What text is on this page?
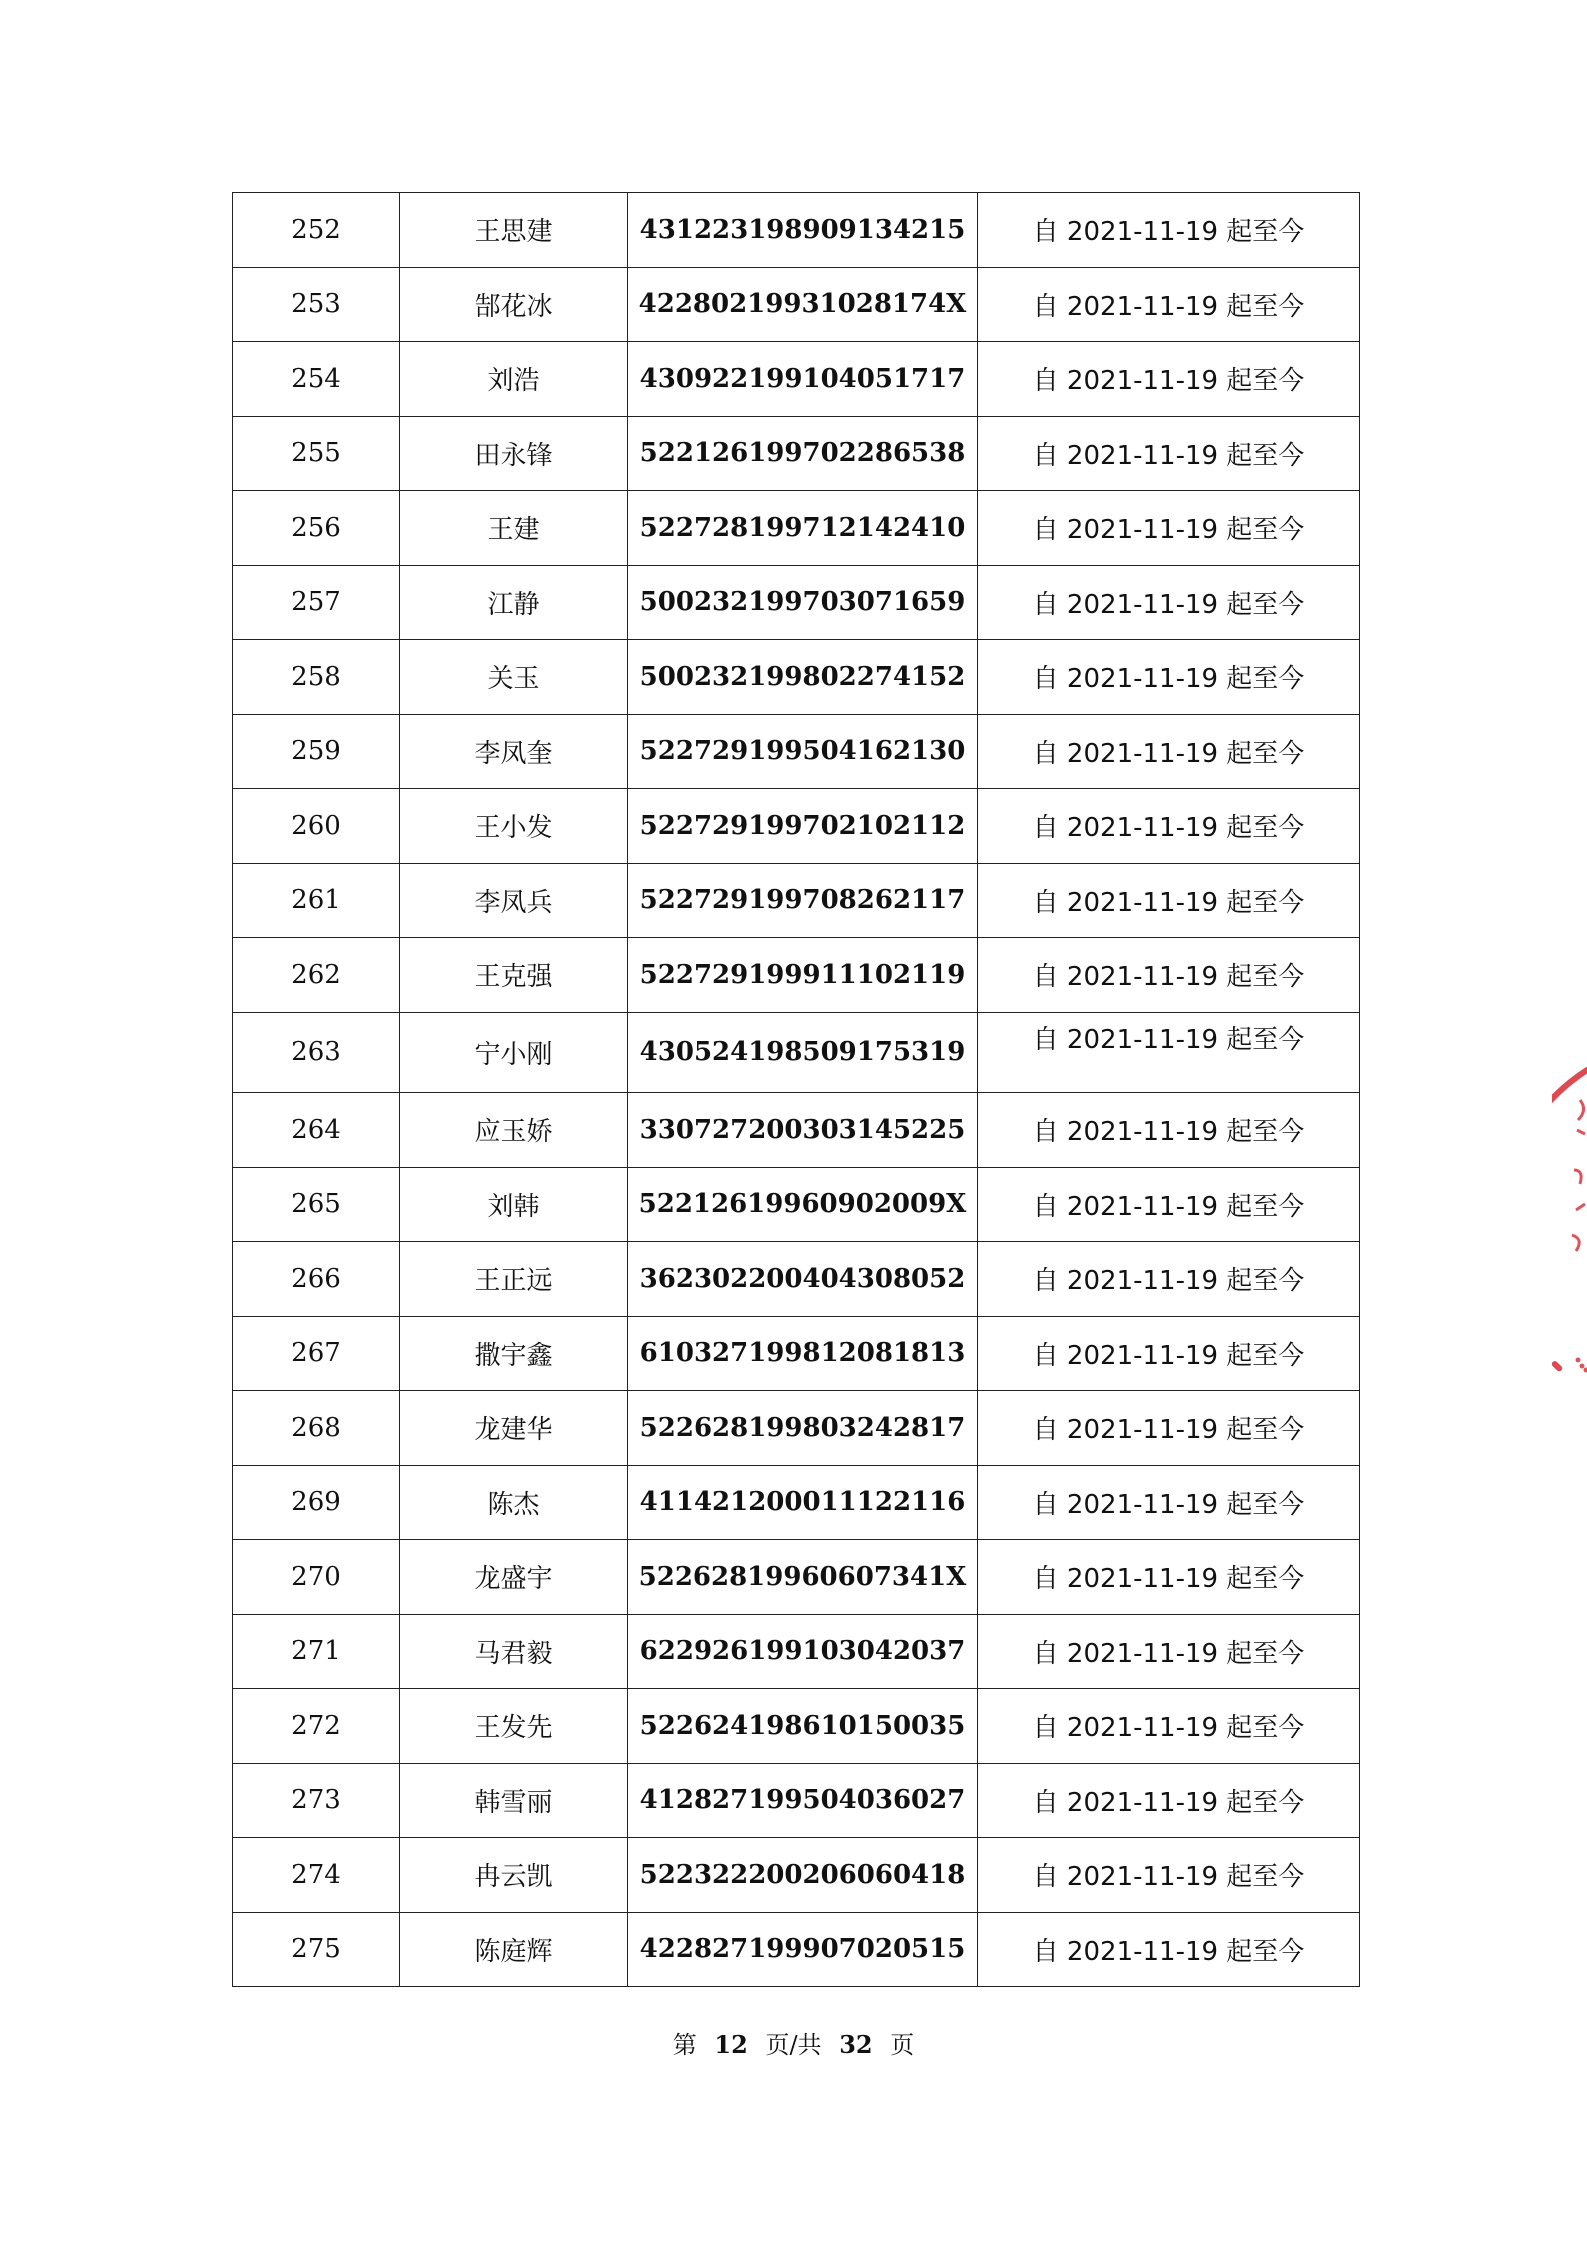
252	王思建	431223198909134215	自 2021-11-19 起至今
253	郜花冰	42280219931028174X	自 2021-11-19 起至今
254	刘浩	430922199104051717	自 2021-11-19 起至今
255	田永锋	522126199702286538	自 2021-11-19 起至今
256	王建	522728199712142410	自 2021-11-19 起至今
257	江静	500232199703071659	自 2021-11-19 起至今
258	关玉	500232199802274152	自 2021-11-19 起至今
259	李凤奎	522729199504162130	自 2021-11-19 起至今
260	王小发	522729199702102112	自 2021-11-19 起至今
261	李凤兵	522729199708262117	自 2021-11-19 起至今
262	王克强	522729199911102119	自 2021-11-19 起至今
263	宁小刚	430524198509175319	自 2021-11-19 起至今
264	应玉娇	330727200303145225	自 2021-11-19 起至今
265	刘韩	52212619960902009X	自 2021-11-19 起至今
266	王正远	362302200404308052	自 2021-11-19 起至今
267	撒宇鑫	610327199812081813	自 2021-11-19 起至今
268	龙建华	522628199803242817	自 2021-11-19 起至今
269	陈杰	411421200011122116	自 2021-11-19 起至今
270	龙盛宇	52262819960607341X	自 2021-11-19 起至今
271	马君毅	622926199103042037	自 2021-11-19 起至今
272	王发先	522624198610150035	自 2021-11-19 起至今
273	韩雪丽	412827199504036027	自 2021-11-19 起至今
274	冉云凯	522322200206060418	自 2021-11-19 起至今
275	陈庭辉	422827199907020515	自 2021-11-19 起至今
第 12 页/共 32 页
